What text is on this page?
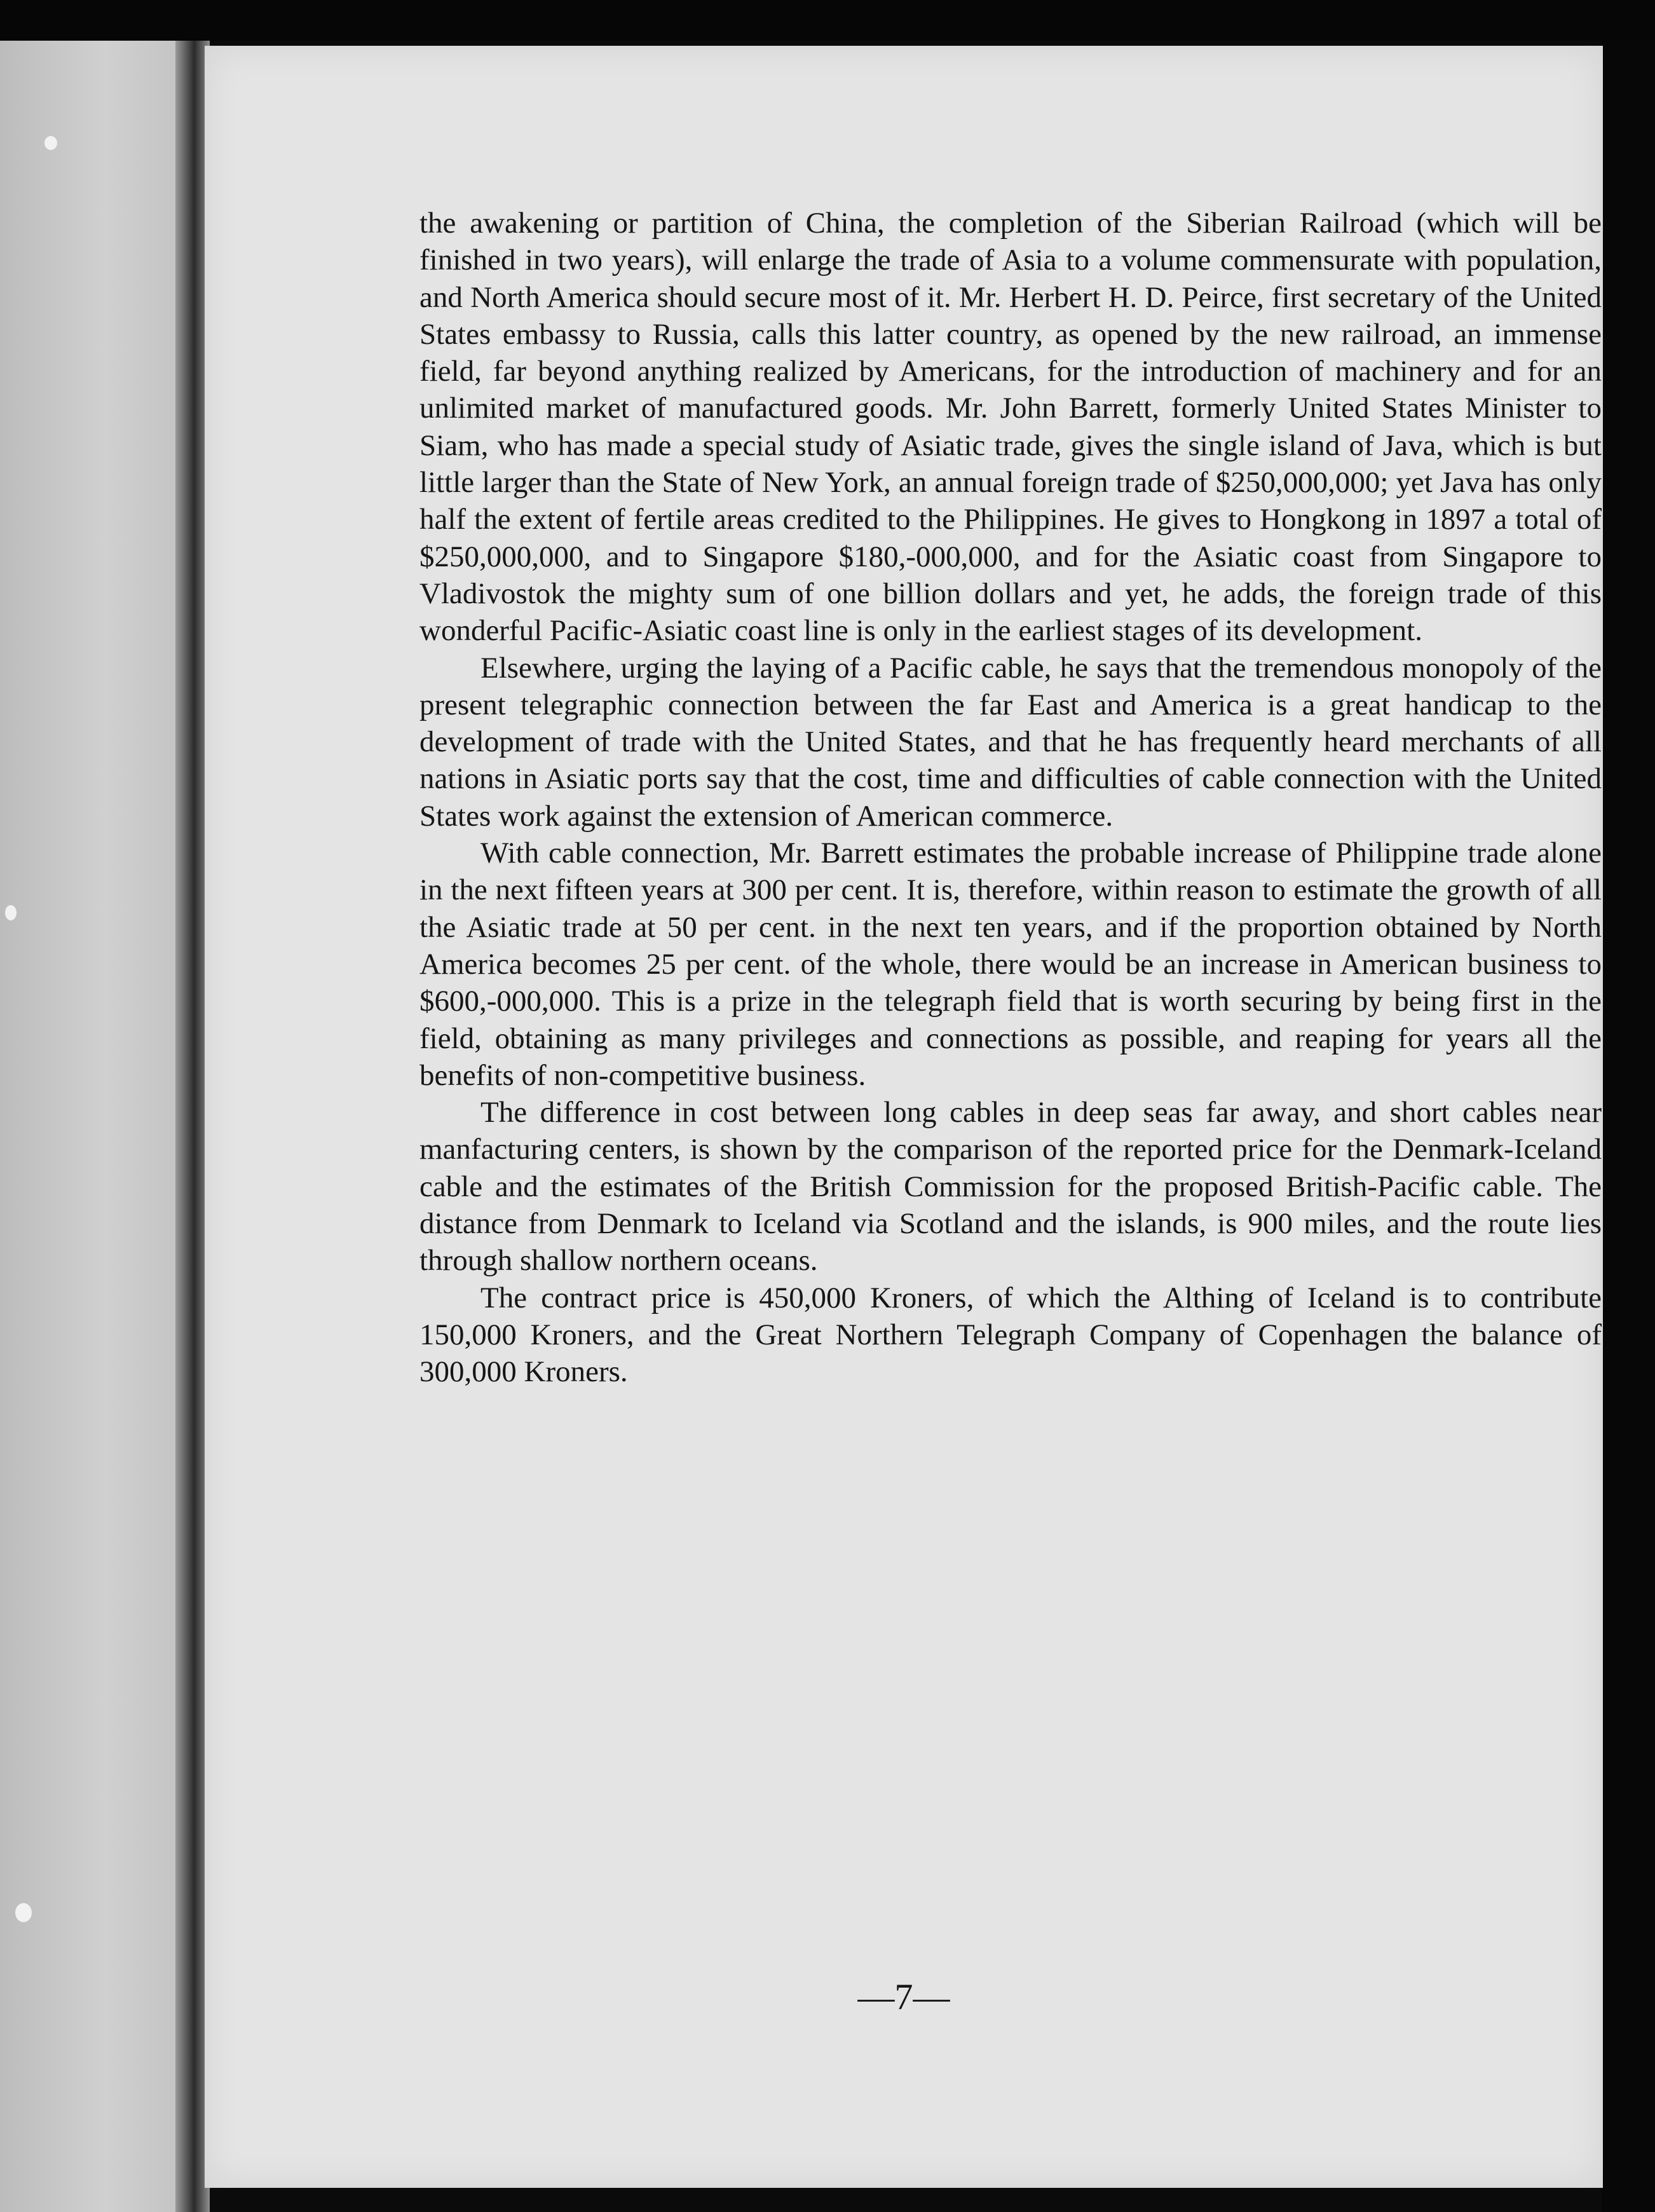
the awakening or partition of China, the completion of the Siberian Railroad (which will be finished in two years), will enlarge the trade of Asia to a volume commensurate with population, and North America should secure most of it. Mr. Herbert H. D. Peirce, first secretary of the United States embassy to Russia, calls this latter country, as opened by the new railroad, an immense field, far beyond anything realized by Americans, for the introduction of machinery and for an unlimited market of manufactured goods. Mr. John Barrett, formerly United States Minister to Siam, who has made a special study of Asiatic trade, gives the single island of Java, which is but little larger than the State of New York, an annual foreign trade of $250,000,000; yet Java has only half the extent of fertile areas credited to the Philippines. He gives to Hongkong in 1897 a total of $250,000,000, and to Singapore $180,-000,000, and for the Asiatic coast from Singapore to Vladivostok the mighty sum of one billion dollars and yet, he adds, the foreign trade of this wonderful Pacific-Asiatic coast line is only in the earliest stages of its development.

Elsewhere, urging the laying of a Pacific cable, he says that the tremendous monopoly of the present telegraphic connection between the far East and America is a great handicap to the development of trade with the United States, and that he has frequently heard merchants of all nations in Asiatic ports say that the cost, time and difficulties of cable connection with the United States work against the extension of American commerce.

With cable connection, Mr. Barrett estimates the probable increase of Philippine trade alone in the next fifteen years at 300 per cent. It is, therefore, within reason to estimate the growth of all the Asiatic trade at 50 per cent. in the next ten years, and if the proportion obtained by North America becomes 25 per cent. of the whole, there would be an increase in American business to $600,-000,000. This is a prize in the telegraph field that is worth securing by being first in the field, obtaining as many privileges and connections as possible, and reaping for years all the benefits of non-competitive business.

The difference in cost between long cables in deep seas far away, and short cables near manfacturing centers, is shown by the comparison of the reported price for the Denmark-Iceland cable and the estimates of the British Commission for the proposed British-Pacific cable. The distance from Denmark to Iceland via Scotland and the islands, is 900 miles, and the route lies through shallow northern oceans.

The contract price is 450,000 Kroners, of which the Althing of Iceland is to contribute 150,000 Kroners, and the Great Northern Telegraph Company of Copenhagen the balance of 300,000 Kroners.

—7—
